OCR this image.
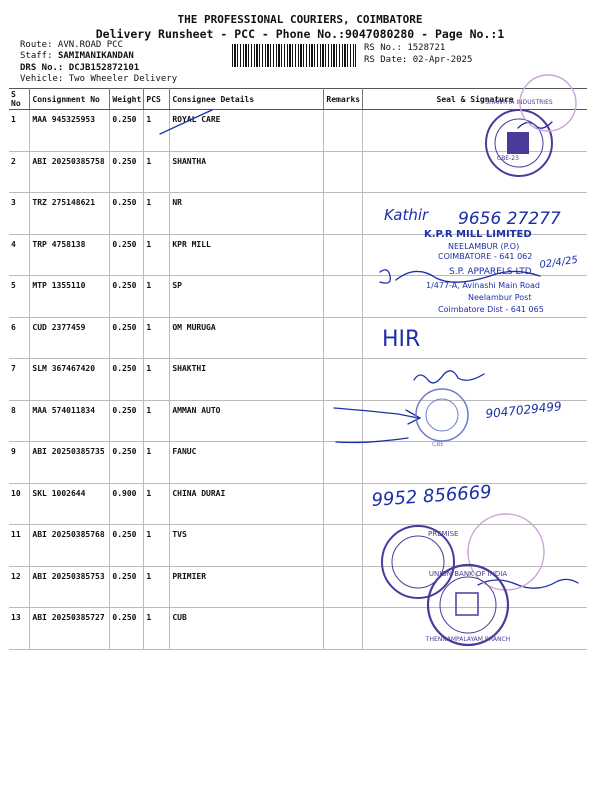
THE PROFESSIONAL COURIERS, COIMBATORE
Delivery Runsheet - PCC - Phone No.:9047080280 - Page No.:1
Route: AVN.ROAD PCC
Staff: SAMIMANIKANDAN
DRS No.: DCJB152872101
Vehicle: Two Wheeler Delivery
RS No.: 1528721
RS Date: 02-Apr-2025
S No	Consignment No	Weight	PCS	Consignee Details	Remarks	Seal & Signature
1	MAA 945325953	0.250	1	ROYAL CARE		
2	ABI 20250385758	0.250	1	SHANTHA		
3	TRZ 275148621	0.250	1	NR		
4	TRP 4758138	0.250	1	KPR MILL		
5	MTP 1355110	0.250	1	SP		
6	CUD 2377459	0.250	1	OM MURUGA		
7	SLM 367467420	0.250	1	SHAKTHI		
8	MAA 574011834	0.250	1	AMMAN AUTO		
9	ABI 20250385735	0.250	1	FANUC		
10	SKL 1002644	0.900	1	CHINA DURAI		
11	ABI 20250385768	0.250	1	TVS		
12	ABI 20250385753	0.250	1	PRIMIER		
13	ABI 20250385727	0.250	1	CUB		
SHANTHA INDUSTRIES
CBE-23
Kathir 9656 27277
K.P.R MILL LIMITED
NEELAMBUR (P.O)
COIMBATORE - 641 062
S.P. APPARELS LTD.
1/477-A, Avinashi Main Road
Neelambur Post
Coimbatore Dist - 641 065
02/4/25
HIR
9047029499
9952 856669
CBE
PREMISE
UNION BANK OF INDIA
THENNAMPALAYAM BRANCH
